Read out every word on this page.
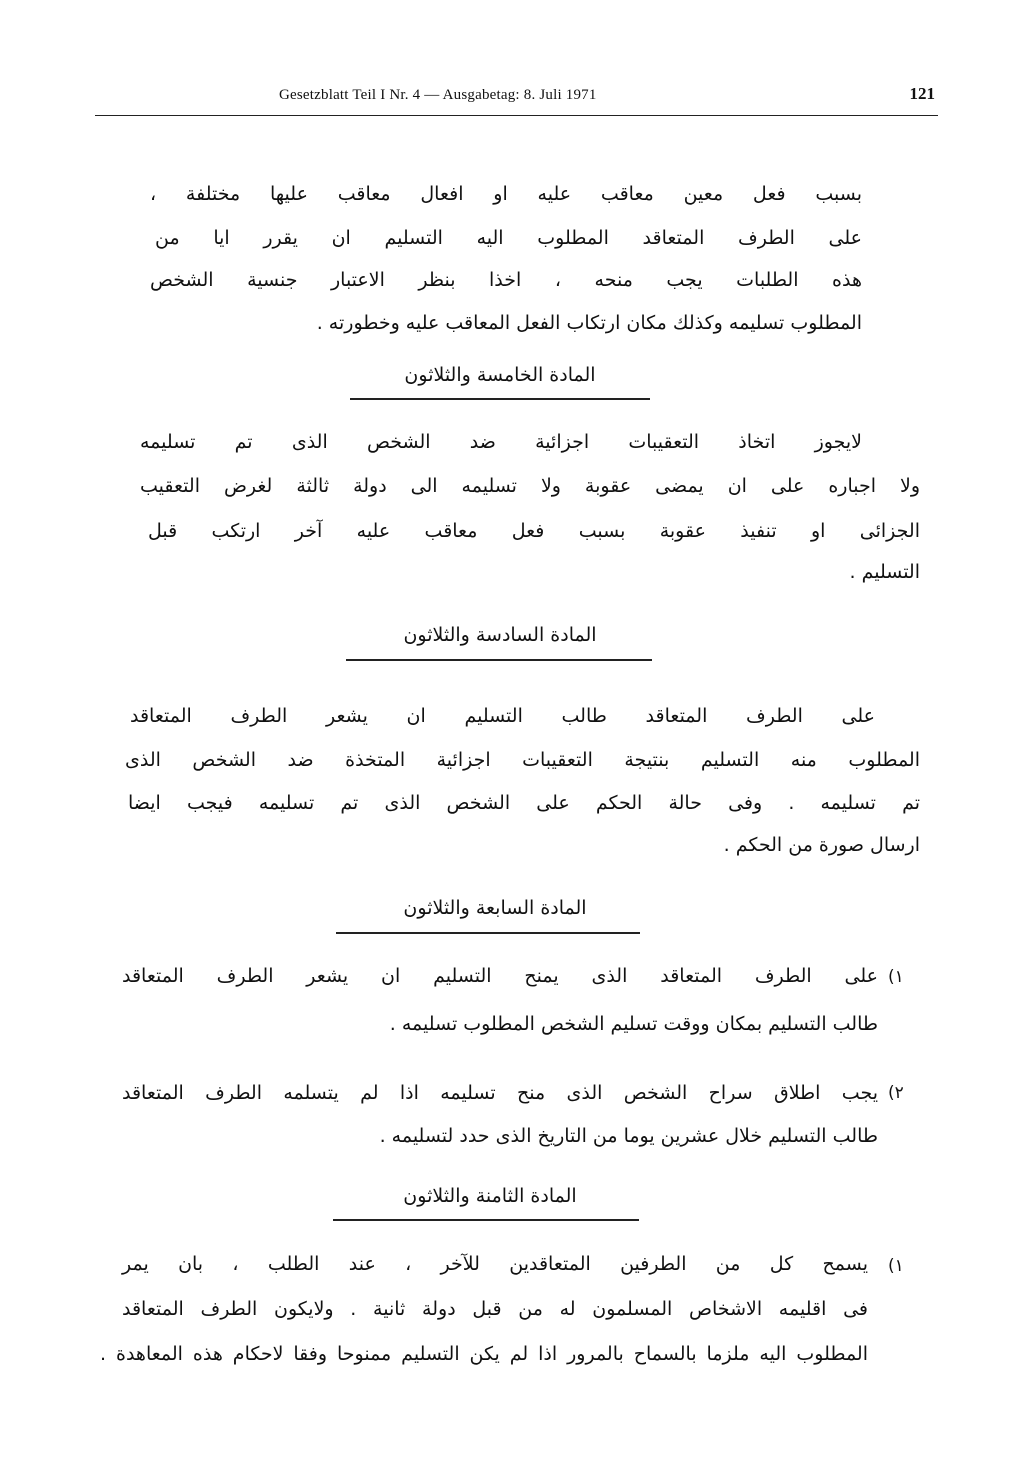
Gesetzblatt Teil I Nr. 4 — Ausgabetag: 8. Juli 1971	121
بسبب فعل معين معاقب عليه او افعال معاقب عليها مختلفة ،
على الطرف المتعاقد المطلوب اليه التسليم ان يقرر ايا من
هذه الطلبات يجب منحه ، اخذا بنظر الاعتبار جنسية الشخص
المطلوب تسليمه وكذلك مكان ارتكاب الفعل المعاقب عليه وخطورته .
المادة الخامسة والثلاثون
لايجوز اتخاذ التعقيبات اجزائية ضد الشخص الذى تم تسليمه
ولا اجباره على ان يمضى عقوبة ولا تسليمه الى دولة ثالثة لغرض التعقيب
الجزائى او تنفيذ عقوبة بسبب فعل معاقب عليه آخر ارتكب قبل
التسليم .
المادة السادسة والثلاثون
على الطرف المتعاقد طالب التسليم ان يشعر الطرف المتعاقد
المطلوب منه التسليم بنتيجة التعقيبات اجزائية المتخذة ضد الشخص الذى
تم تسليمه . وفى حالة الحكم على الشخص الذى تم تسليمه فيجب ايضا
ارسال صورة من الحكم .
المادة السابعة والثلاثون
١)
على الطرف المتعاقد الذى يمنح التسليم ان يشعر الطرف المتعاقد
طالب التسليم بمكان ووقت تسليم الشخص المطلوب تسليمه .
٢)
يجب اطلاق سراح الشخص الذى منح تسليمه اذا لم يتسلمه الطرف المتعاقد
طالب التسليم خلال عشرين يوما من التاريخ الذى حدد لتسليمه .
المادة الثامنة والثلاثون
١)
يسمح كل من الطرفين المتعاقدين للآخر ، عند الطلب ، بان يمر
فى اقليمه الاشخاص المسلمون له من قبل دولة ثانية . ولايكون الطرف المتعاقد
المطلوب اليه ملزما بالسماح بالمرور اذا لم يكن التسليم ممنوحا وفقا لاحكام هذه المعاهدة .
